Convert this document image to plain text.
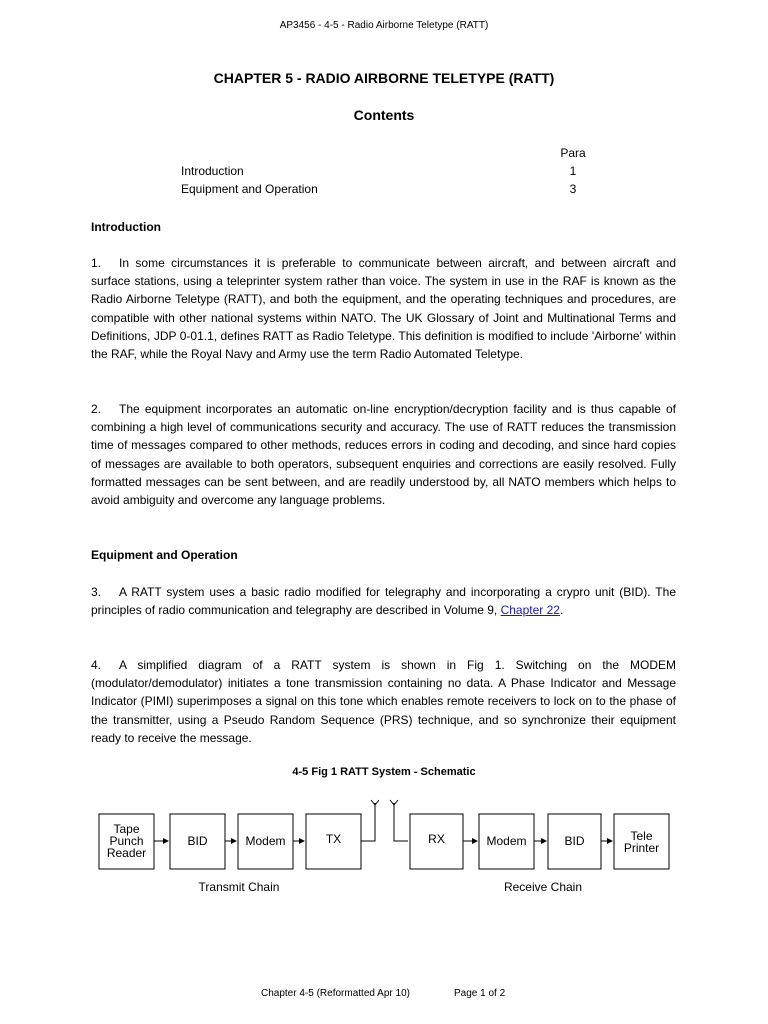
AP3456 - 4-5 - Radio Airborne Teletype (RATT)
CHAPTER 5 - RADIO AIRBORNE TELETYPE (RATT)
Contents
Para
Introduction	1
Equipment and Operation	3
Introduction
1. In some circumstances it is preferable to communicate between aircraft, and between aircraft and surface stations, using a teleprinter system rather than voice. The system in use in the RAF is known as the Radio Airborne Teletype (RATT), and both the equipment, and the operating techniques and procedures, are compatible with other national systems within NATO. The UK Glossary of Joint and Multinational Terms and Definitions, JDP 0-01.1, defines RATT as Radio Teletype. This definition is modified to include 'Airborne' within the RAF, while the Royal Navy and Army use the term Radio Automated Teletype.
2. The equipment incorporates an automatic on-line encryption/decryption facility and is thus capable of combining a high level of communications security and accuracy. The use of RATT reduces the transmission time of messages compared to other methods, reduces errors in coding and decoding, and since hard copies of messages are available to both operators, subsequent enquiries and corrections are easily resolved. Fully formatted messages can be sent between, and are readily understood by, all NATO members which helps to avoid ambiguity and overcome any language problems.
Equipment and Operation
3. A RATT system uses a basic radio modified for telegraphy and incorporating a crypro unit (BID). The principles of radio communication and telegraphy are described in Volume 9, Chapter 22.
4. A simplified diagram of a RATT system is shown in Fig 1. Switching on the MODEM (modulator/demodulator) initiates a tone transmission containing no data. A Phase Indicator and Message Indicator (PIMI) superimposes a signal on this tone which enables remote receivers to lock on to the phase of the transmitter, using a Pseudo Random Sequence (PRS) technique, and so synchronize their equipment ready to receive the message.
4-5 Fig 1 RATT System - Schematic
Tape
Punch
Reader
BID	Modem	TX	RX	Modem	BID	Tele
Printer
Transmit Chain	Receive Chain
Chapter 4-5 (Reformatted Apr 10)	Page 1 of 2
